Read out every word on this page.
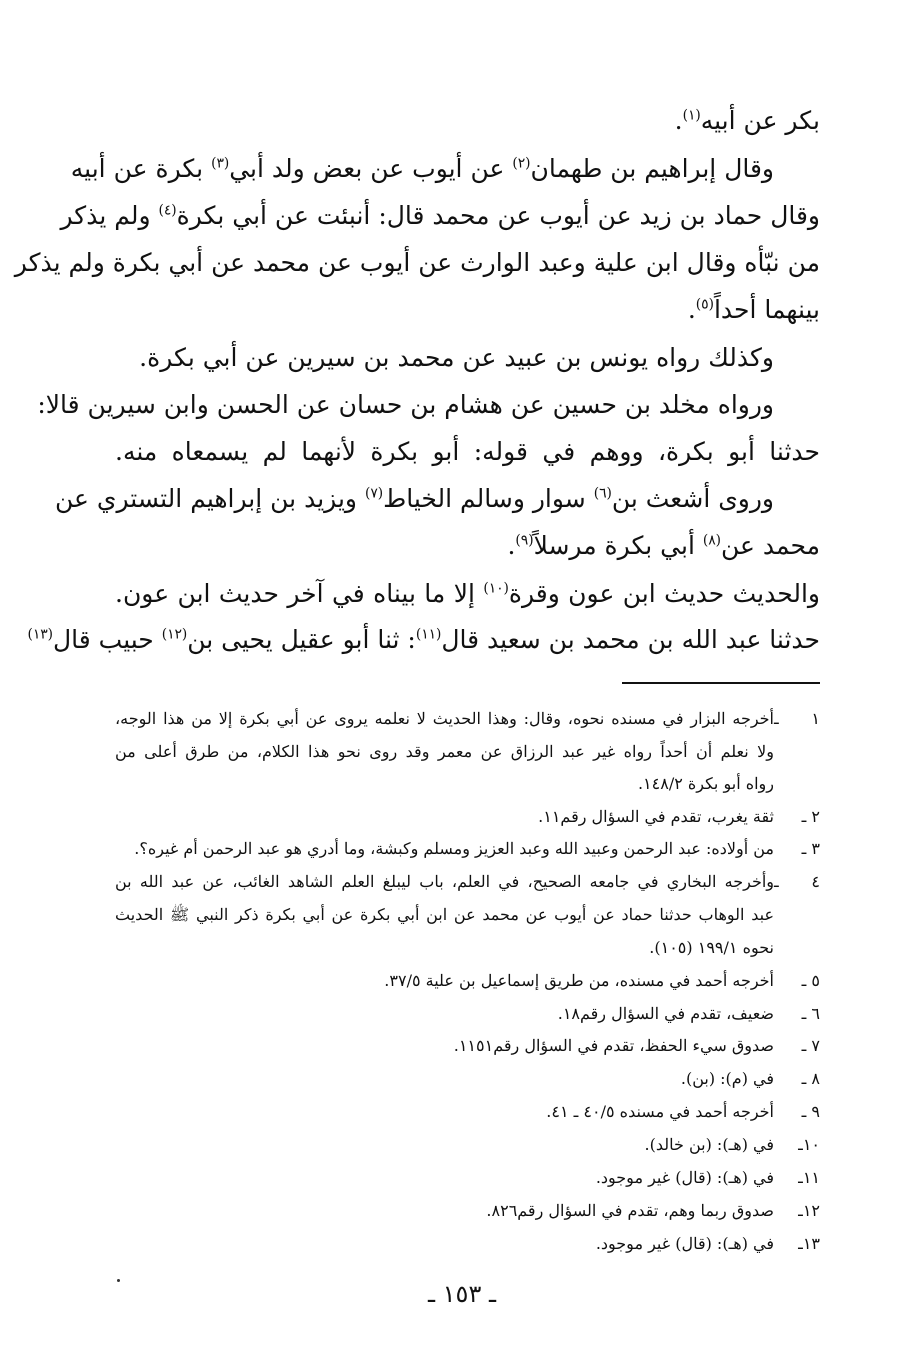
بكر عن أبيه$^{(١)}$.
وقال إبراهيم بن طهمان$^{(٢)}$ عن أيوب عن بعض ولد أبي$^{(٣)}$ بكرة عن أبيه
وقال حماد بن زيد عن أيوب عن محمد قال: أنبئت عن أبي بكرة$^{(٤)}$ ولم يذكر
من نبّأه وقال ابن علية وعبد الوارث عن أيوب عن محمد عن أبي بكرة ولم يذكر
بينهما أحداً$^{(٥)}$.
وكذلك رواه يونس بن عبيد عن محمد بن سيرين عن أبي بكرة.
ورواه مخلد بن حسين عن هشام بن حسان عن الحسن وابن سيرين قالا:
حدثنا أبو بكرة، ووهم في قوله: أبو بكرة لأنهما لم يسمعاه منه.
وروى أشعث بن$^{(٦)}$ سوار وسالم الخياط$^{(٧)}$ ويزيد بن إبراهيم التستري عن
محمد عن$^{(٨)}$ أبي بكرة مرسلاً$^{(٩)}$.
والحديث حديث ابن عون وقرة$^{(١٠)}$ إلا ما بيناه في آخر حديث ابن عون.
حدثنا عبد الله بن محمد بن سعيد قال$^{(١١)}$: ثنا أبو عقيل يحيى بن$^{(١٢)}$ حبيب قال$^{(١٣)}$
١ ـأخرجه البزار في مسنده نحوه، وقال: وهذا الحديث لا نعلمه يروى عن أبي بكرة إلا من هذا الوجه،
ولا نعلم أن أحداً رواه غير عبد الرزاق عن معمر وقد روى نحو هذا الكلام، من طرق أعلى من
رواه أبو بكرة ١٤٨/٢.
٢ ـثقة يغرب، تقدم في السؤال رقم١١.
٣ ـمن أولاده: عبد الرحمن وعبيد الله وعبد العزيز ومسلم وكبشة، وما أدري هو عبد الرحمن أم غيره؟.
٤ ـوأخرجه البخاري في جامعه الصحيح، في العلم، باب ليبلغ العلم الشاهد الغائب، عن عبد الله بن
عبد الوهاب حدثنا حماد عن أيوب عن محمد عن ابن أبي بكرة عن أبي بكرة ذكر النبي ﷺ الحديث
نحوه ١٩٩/١ (١٠٥).
٥ ـأخرجه أحمد في مسنده، من طريق إسماعيل بن علية ٣٧/٥.
٦ ـضعيف، تقدم في السؤال رقم١٨.
٧ ـصدوق سيء الحفظ، تقدم في السؤال رقم١١٥١.
٨ ـفي (م): (بن).
٩ ـأخرجه أحمد في مسنده ٤٠/٥ ـ ٤١.
١٠ـفي (هـ): (بن خالد).
١١ـفي (هـ): (قال) غير موجود.
١٢ـصدوق ربما وهم، تقدم في السؤال رقم٨٢٦.
١٣ـفي (هـ): (قال) غير موجود.
ـ ١٥٣ ـ
